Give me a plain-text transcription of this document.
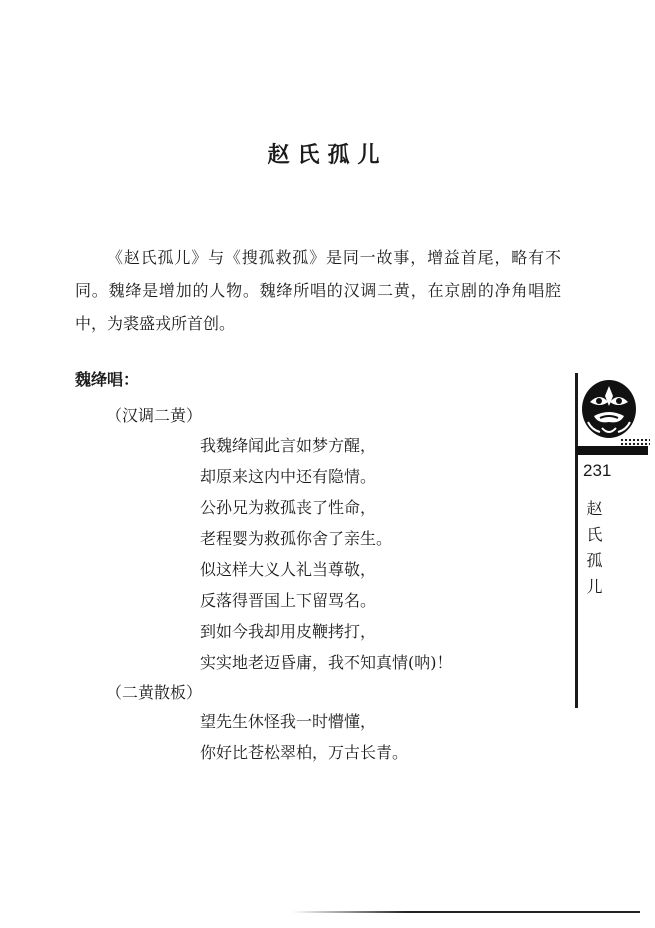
赵氏孤儿

《赵氏孤儿》与《搜孤救孤》是同一故事，增益首尾，略有不同。魏绛是增加的人物。魏绛所唱的汉调二黄，在京剧的净角唱腔中，为裘盛戎所首创。

魏绛唱：
（汉调二黄）
我魏绛闻此言如梦方醒，
却原来这内中还有隐情。
公孙兄为救孤丧了性命，
老程婴为救孤你舍了亲生。
似这样大义人礼当尊敬，
反落得晋国上下留骂名。
到如今我却用皮鞭拷打，
实实地老迈昏庸，我不知真情(呐)！
（二黄散板）
望先生休怪我一时懵懂，
你好比苍松翠柏，万古长青。
231
赵氏孤儿
